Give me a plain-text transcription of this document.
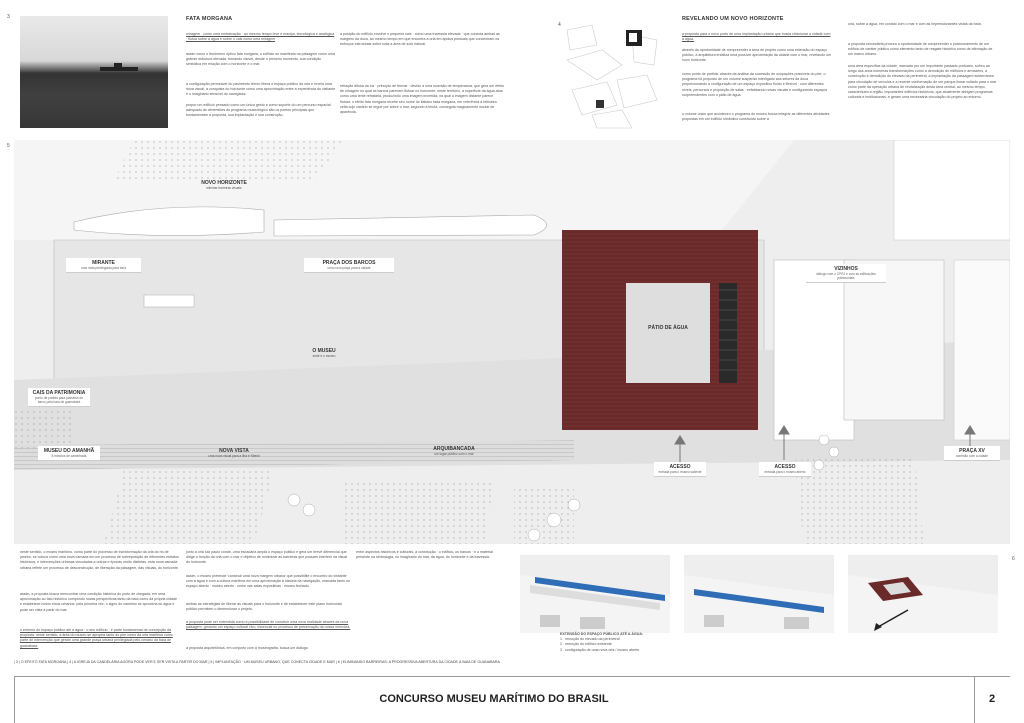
3	FATA MORGANA
miragem · como uma embarcação · ao mesmo tempo leve e maciça, tecnológica e analógica · flutua sobre a água e sobre o cais como uma miragem
assim como o fenômeno óptico fata morgana, o edifício se manifesta na paisagem como uma grande estrutura elevada, tornando visível, desde o primeiro momento, sua condição simbólica em relação com o horizonte e o mar.
a configuração permeável do pavimento térreo libera o espaço público da orla e revela uma nova visual, a conquista do horizonte como uma aproximação entre a experiência do visitante e o imaginário sensível do navegador.
propor um edifício pensado como um único gesto e como suporte do um percurso espacial adequado às dimensões do programa museológico são os pontos principais que fundamentam a proposta, sua implantação e sua construção.
a posição do edifício envolve o pequeno cais · como uma travessia elevada · que conecta ambas as margens da doca, ao mesmo tempo em que encontra a orla em apoios pontuais que concentram os esforços estruturais sobre toda a área de solo natural.
refração difusa da luz · princípio de fermat · devido a uma inversão de temperatura, que gera um efeito de miragem no qual os barcos parecem flutuar no horizonte. neste território, a superfície da água atua como uma lente refratária, produzindo uma imagem invertida, na qual a imagem distante parece flutuar: o efeito fata morgana recebe seu nome do italiano fada morgana, em referência à feiticeira celta cujo castelo se ergue por sobre o mar, segundo a lenda, conseguia magicamente mudar de aparência.
4
REVELANDO UM NOVO HORIZONTE
a proposta para o novo porto de uma implantação urbana que busca relacionar a cidade com a água.
através da oportunidade de compreender a área de projeto como uma extensão do espaço público, a arquitetura enfatiza uma possível aproximação da cidade com o mar, revelando um novo horizonte.
como ponto de partida, através da análise da sucessão de ocupações possíveis do píer, o programa foi proposto de um volume suspenso interligado aos setores da doca proporcionando a configuração de um espaço expositivo fluido e flexível · com diferentes níveis, percursos e proporção de salas · enfatizando novas visuais e configurando espaços surpreendentes com o pátio de água.
o volume único que aconteceu o programa do museu busca integrar as diferentes atividades propostas em um edifício simbólico construído sobre a
orla, sobre a água, em contato com o mar e com as impressionantes vistas da baía.
a proposta secundária procura a oportunidade de compreender o posicionamento de um edifício de caráter público como elemento tanto de resgate histórico como de afirmação de um marco urbano.
uma área específica da cidade, marcada por um importante passado portuário, sofreu ao longo dos anos inúmeras transformações como a demolição de edifícios e armazéns, a construção e demolição do elevado da perimetral, a implantação da passagem subterrânea para circulação de veículos e a recente conformação de um parque linear voltado para o mar como parte da operação urbana de revitalização desta área central, ao mesmo tempo, caracterizam a região, importantes edifícios históricos, que atualmente abrigam programas culturais e institucionais, e geram uma necessária vinculação do projeto ao entorno.
5
NOVO HORIZONTE
eliminar barreiras visuais
MIRANTE
uma vista privilegiada para baía
PRAÇA DOS BARCOS
uma nova praça para a cidade	VIZINHOS
diálogo com o CPRJ e com as edificações patrimoniais
PÁTIO DE ÁGUA
O MUSEU
sede e o museu
CAIS DA PATRIMONIA
ponto de partida para passeios de barco pela baía de guanabara
MUSEU DO AMANHÃ
8 minutos de caminhada
NOVA VISTA
uma nova visual para a ilha e Niterói
ARQUIBANCADA
um lugar público com o mar
ACESSO
entrada para o museu saliente
ACESSO
entrada para o museu aberto
PRAÇA XV
conexão com a cidade
neste sentido, o museu marítimo, como parte do processo de transformação da orla do rio de janeiro, se coloca como uma nova camada em um processo de sobreposição de diferentes estratos históricos, e intervenções urbanas vinculadas a outras e épocas muito distintas. esta nova camada urbana reflete um processo de desconstrução, de liberação da paisagem, das visuais, do horizonte.
assim, a proposta busca reencontrar uma condição histórica do porto de chegada, em uma aproximação ao fato histórico compondo novas perspectivas tanto da baía como da própria cidade e estabelece novos eixos urbanos: pela primeira vez, o signo do caminho se aproxima do água e pode ser vista a partir do mar.
o entorno do espaço público até a água · o seu edifício · é parte fundamental de concepção da proposta. neste sentido, a área do museu se apropria tanto do pier como da orla marítima como parte de intervenção que geram uma grande praça urbana privilegiada pelo cenário da baía de guanabara.
junto a orla luiz paulo conde, uma escadaria ampla o espaço público e gera um brevê diferencial que dirige a fruição da orla com o mar e objetivo de minimizar as barreiras que possam interferir na visual do horizonte.
assim, o museu pretende 'construir uma nova margem urbana' que possibilite o encontro do visitante com a água e com a cultura marítima em uma aproximação à história da navegação, marcada tanto no espaço aberto · museu aberto · como nas salas expositivas · museu fechado.
ambas as estratégias de liberar as visuais para o horizonte e de estabelecer este plano horizontal público permitem o dimensionar o projeto.
a proposta pode ser entendida como a possibilidade de construir uma nova realidade através da nova paisagem, gerando um espaço cultural vivo, essencial no processo de preservação da nossa memória.
a proposta arquitetônica, em conjunto com a museografia, busca um diálogo
entre aspectos históricos e culturais, a construção · o edifício, os barcos · e o material presente na simbologia, no imaginário do mar, da água, do horizonte e da travessia.	6
EXTENSÃO DO ESPAÇO PÚBLICO ATÉ A ÁGUA:
1 . remoção do elevado da perimetral
2 . remoção do edifício existente
3 . configuração de uma nova orla / museu aberto
| 3 | O EFEITO FATA MORGANA | 4 | A IGREJA DA CANDELÁRIA AGORA PODE VER E SER VISTA A PARTIR DO MAR | 5 | IMPLANTAÇÃO · UM MUSEU URBANO, QUE CONECTA CIDADE E MAR | 6 | ELIMINANDO BARREIRAS: A PROGRESSIVA ABERTURA DA CIDADE À BAÍA DE GUANABARA
CONCURSO MUSEU MARÍTIMO DO BRASIL	2
